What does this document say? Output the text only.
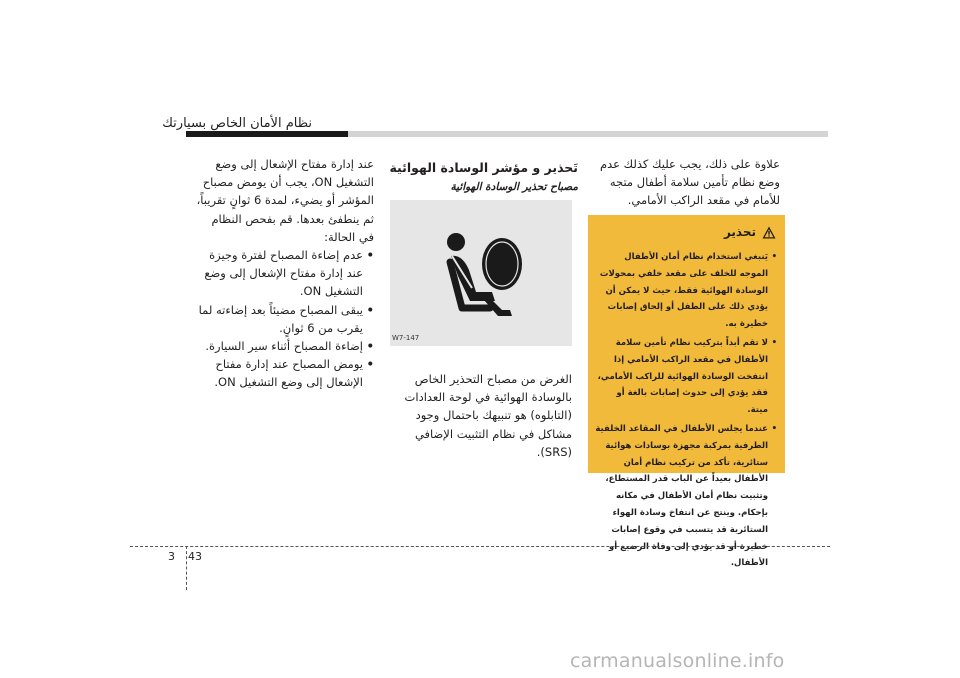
نظام الأمان الخاص بسيارتك
علاوة على ذلك، يجب عليك كذلك عدم وضع نظام تأمين سلامة أطفال متجه للأمام في مقعد الراكب الأمامي.
تحذير
• يَنبغي استخدام نظام أمان الأطفال الموجه للخلف على مقعد خلفي بمحولات الوسادة الهوائية فقط، حيث لا يمكن أن يؤدي ذلك على الطفل أو إلحاق إصابات خطيرة به.
• لا تقم أبداً بتركيب نظام تأمين سلامة الأطفال في مقعد الراكب الأمامي إذا انتفخت الوسادة الهوائية للراكب الأمامي، فقد يؤدي إلى حدوث إصابات بالغة أو ميتة.
• عندما يجلس الأطفال في المقاعد الخلفية الطرفية بمركبة مجهزة بوسادات هوائية ستائرية، تأكد من تركيب نظام أمان الأطفال بعيداً عن الباب قدر المستطاع، وتثبيت نظام أمان الأطفال في مكانه بإحكام. وينتج عن انتفاخ وسادة الهواء الستائرية قد يتسبب في وقوع إصابات خطيرة أو قد يؤدي إلى وفاة الرضيع أو الأطفال.
تَحذير و مؤشر الوسادة الهوائية
مصباح تحذير الوسادة الهوائية
W7-147
الغرض من مصباح التحذير الخاص بالوسادة الهوائية في لوحة العدادات (التابلوه) هو تنبيهك باحتمال وجود مشاكل في نظام التثبيت الإضافي (SRS).
عند إدارة مفتاح الإشعال إلى وضع التشغيل ON، يجب أن يومض مصباح المؤشر أو يضيء، لمدة 6 ثوانٍ تقريباً، ثم ينطفئ بعدها. قم بفحص النظام في الحالة:
• عدم إضاءة المصباح لفترة وجيزة عند إدارة مفتاح الإشعال إلى وضع التشغيل ON.
• يبقى المصباح مضيئاً بعد إضاءته لما يقرب من 6 ثوانٍ.
• إضاءة المصباح أثناء سير السيارة.
• يومض المصباح عند إدارة مفتاح الإشعال إلى وضع التشغيل ON.
3 43
carmanualsonline.info
